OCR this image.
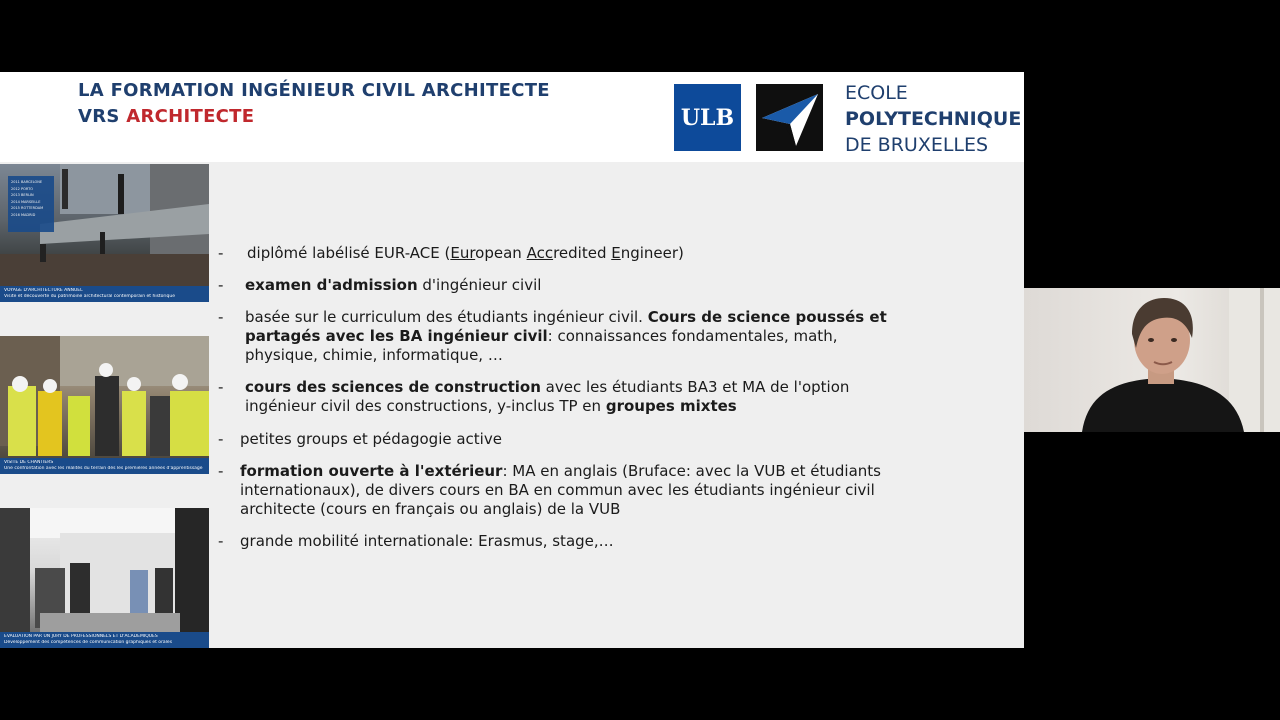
LA FORMATION INGÉNIEUR CIVIL ARCHITECTE
VRS ARCHITECTE	ULB
ECOLE
POLYTECHNIQUE
DE BRUXELLES
2011 BARCELONE
2012 PORTO
2013 BERLIN
2014 MARSEILLE
2015 ROTTERDAM
2016 MADRID
VOYAGE D'ARCHITECTURE ANNUEL
Visite et découverte du patrimoine architectural contemporain et historique
VISITE DE CHANTIERS
Une confrontation avec les réalités du terrain dès les premières années d'apprentissage
EVALUATION PAR UN JURY DE PROFESSIONNELS ET D'ACADEMIQUES
Développement des compétences de communication graphiques et orales
- diplômé labélisé EUR-ACE (European Accredited Engineer)
- examen d'admission d'ingénieur civil
- basée sur le curriculum des étudiants ingénieur civil. Cours de science poussés et
partagés avec les BA ingénieur civil: connaissances fondamentales, math,
physique, chimie, informatique, …
- cours des sciences de construction avec les étudiants BA3 et MA de l'option
ingénieur civil des constructions, y-inclus TP en groupes mixtes
- petites groups et pédagogie active
- formation ouverte à l'extérieur: MA en anglais (Bruface: avec la VUB et étudiants
internationaux), de divers cours en BA en commun avec les étudiants ingénieur civil
architecte (cours en français ou anglais) de la VUB
- grande mobilité internationale: Erasmus, stage,…
